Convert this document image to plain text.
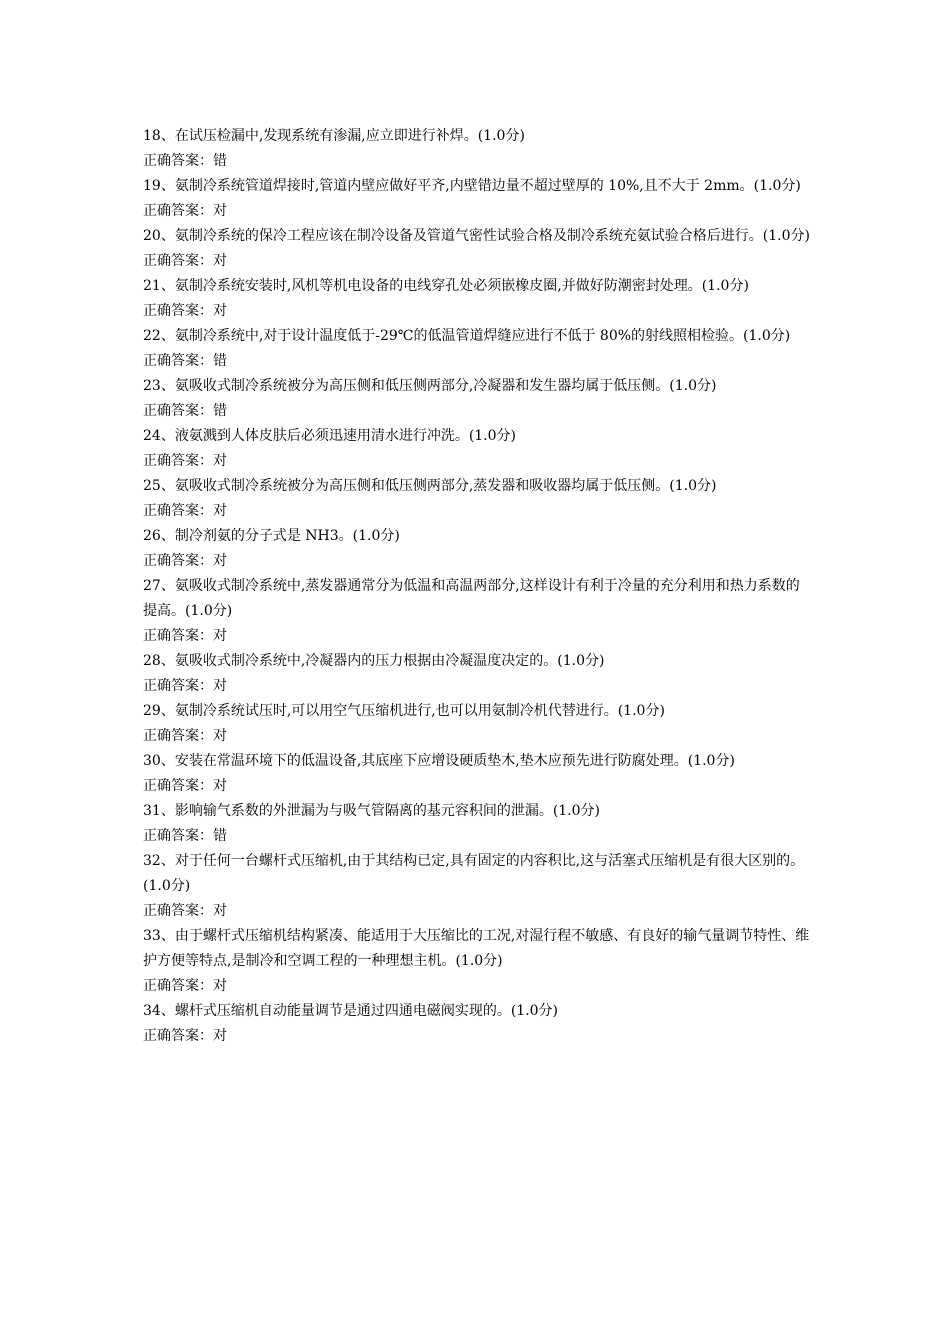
18、在试压检漏中,发现系统有渗漏,应立即进行补焊。(1.0分)

正确答案：错

19、氨制冷系统管道焊接时,管道内壁应做好平齐,内壁错边量不超过壁厚的 10%,且不大于 2mm。(1.0分)

正确答案：对

20、氨制冷系统的保冷工程应该在制冷设备及管道气密性试验合格及制冷系统充氨试验合格后进行。(1.0分)

正确答案：对

21、氨制冷系统安装时,风机等机电设备的电线穿孔处必须嵌橡皮圈,并做好防潮密封处理。(1.0分)

正确答案：对

22、氨制冷系统中,对于设计温度低于-29℃的低温管道焊缝应进行不低于 80%的射线照相检验。(1.0分)

正确答案：错

23、氨吸收式制冷系统被分为高压侧和低压侧两部分,冷凝器和发生器均属于低压侧。(1.0分)

正确答案：错

24、液氨溅到人体皮肤后必须迅速用清水进行冲洗。(1.0分)

正确答案：对

25、氨吸收式制冷系统被分为高压侧和低压侧两部分,蒸发器和吸收器均属于低压侧。(1.0分)

正确答案：对

26、制冷剂氨的分子式是 NH3。(1.0分)

正确答案：对

27、氨吸收式制冷系统中,蒸发器通常分为低温和高温两部分,这样设计有利于冷量的充分利用和热力系数的提高。(1.0分)

正确答案：对

28、氨吸收式制冷系统中,冷凝器内的压力根据由冷凝温度决定的。(1.0分)

正确答案：对

29、氨制冷系统试压时,可以用空气压缩机进行,也可以用氨制冷机代替进行。(1.0分)

正确答案：对

30、安装在常温环境下的低温设备,其底座下应增设硬质垫木,垫木应预先进行防腐处理。(1.0分)

正确答案：对

31、影响输气系数的外泄漏为与吸气管隔离的基元容积间的泄漏。(1.0分)

正确答案：错

32、对于任何一台螺杆式压缩机,由于其结构已定,具有固定的内容积比,这与活塞式压缩机是有很大区别的。(1.0分)

正确答案：对

33、由于螺杆式压缩机结构紧凑、能适用于大压缩比的工况,对湿行程不敏感、有良好的输气量调节特性、维护方便等特点,是制冷和空调工程的一种理想主机。(1.0分)

正确答案：对

34、螺杆式压缩机自动能量调节是通过四通电磁阀实现的。(1.0分)

正确答案：对
